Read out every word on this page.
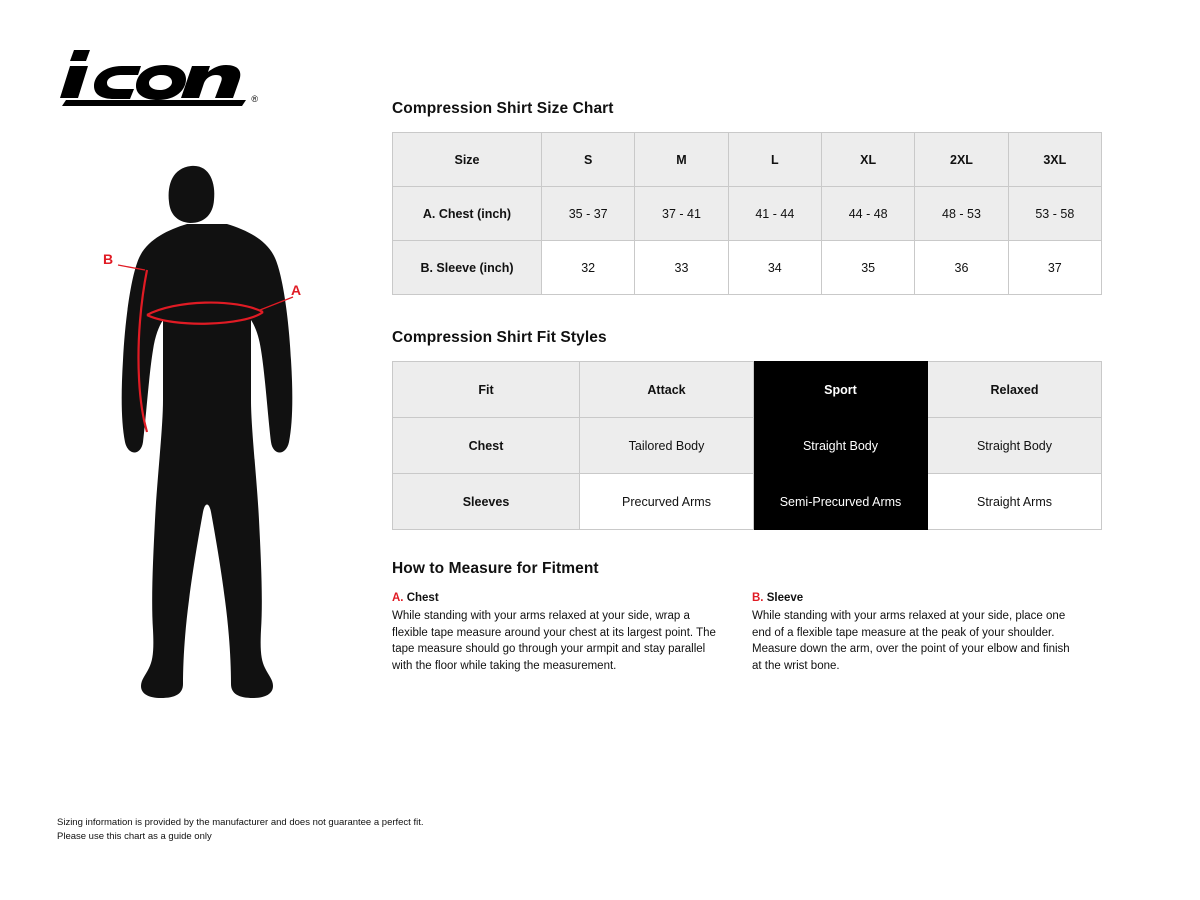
®
B
A
Compression Shirt Size Chart
Size	S	M	L	XL	2XL	3XL
A. Chest (inch)	35 - 37	37 - 41	41 - 44	44 - 48	48 - 53	53 - 58
B. Sleeve (inch)	32	33	34	35	36	37
Compression Shirt Fit Styles
Fit	Attack	Sport	Relaxed
Chest	Tailored Body	Straight Body	Straight Body
Sleeves	Precurved Arms	Semi-Precurved Arms	Straight Arms
How to Measure for Fitment
A. Chest
While standing with your arms relaxed at your side, wrap a flexible tape measure around your chest at its largest point. The tape measure should go through your armpit and stay parallel with the floor while taking the measurement.
B. Sleeve
While standing with your arms relaxed at your side, place one end of a flexible tape measure at the peak of your shoulder. Measure down the arm, over the point of your elbow and finish at the wrist bone.
Sizing information is provided by the manufacturer and does not guarantee a perfect fit.
Please use this chart as a guide only
